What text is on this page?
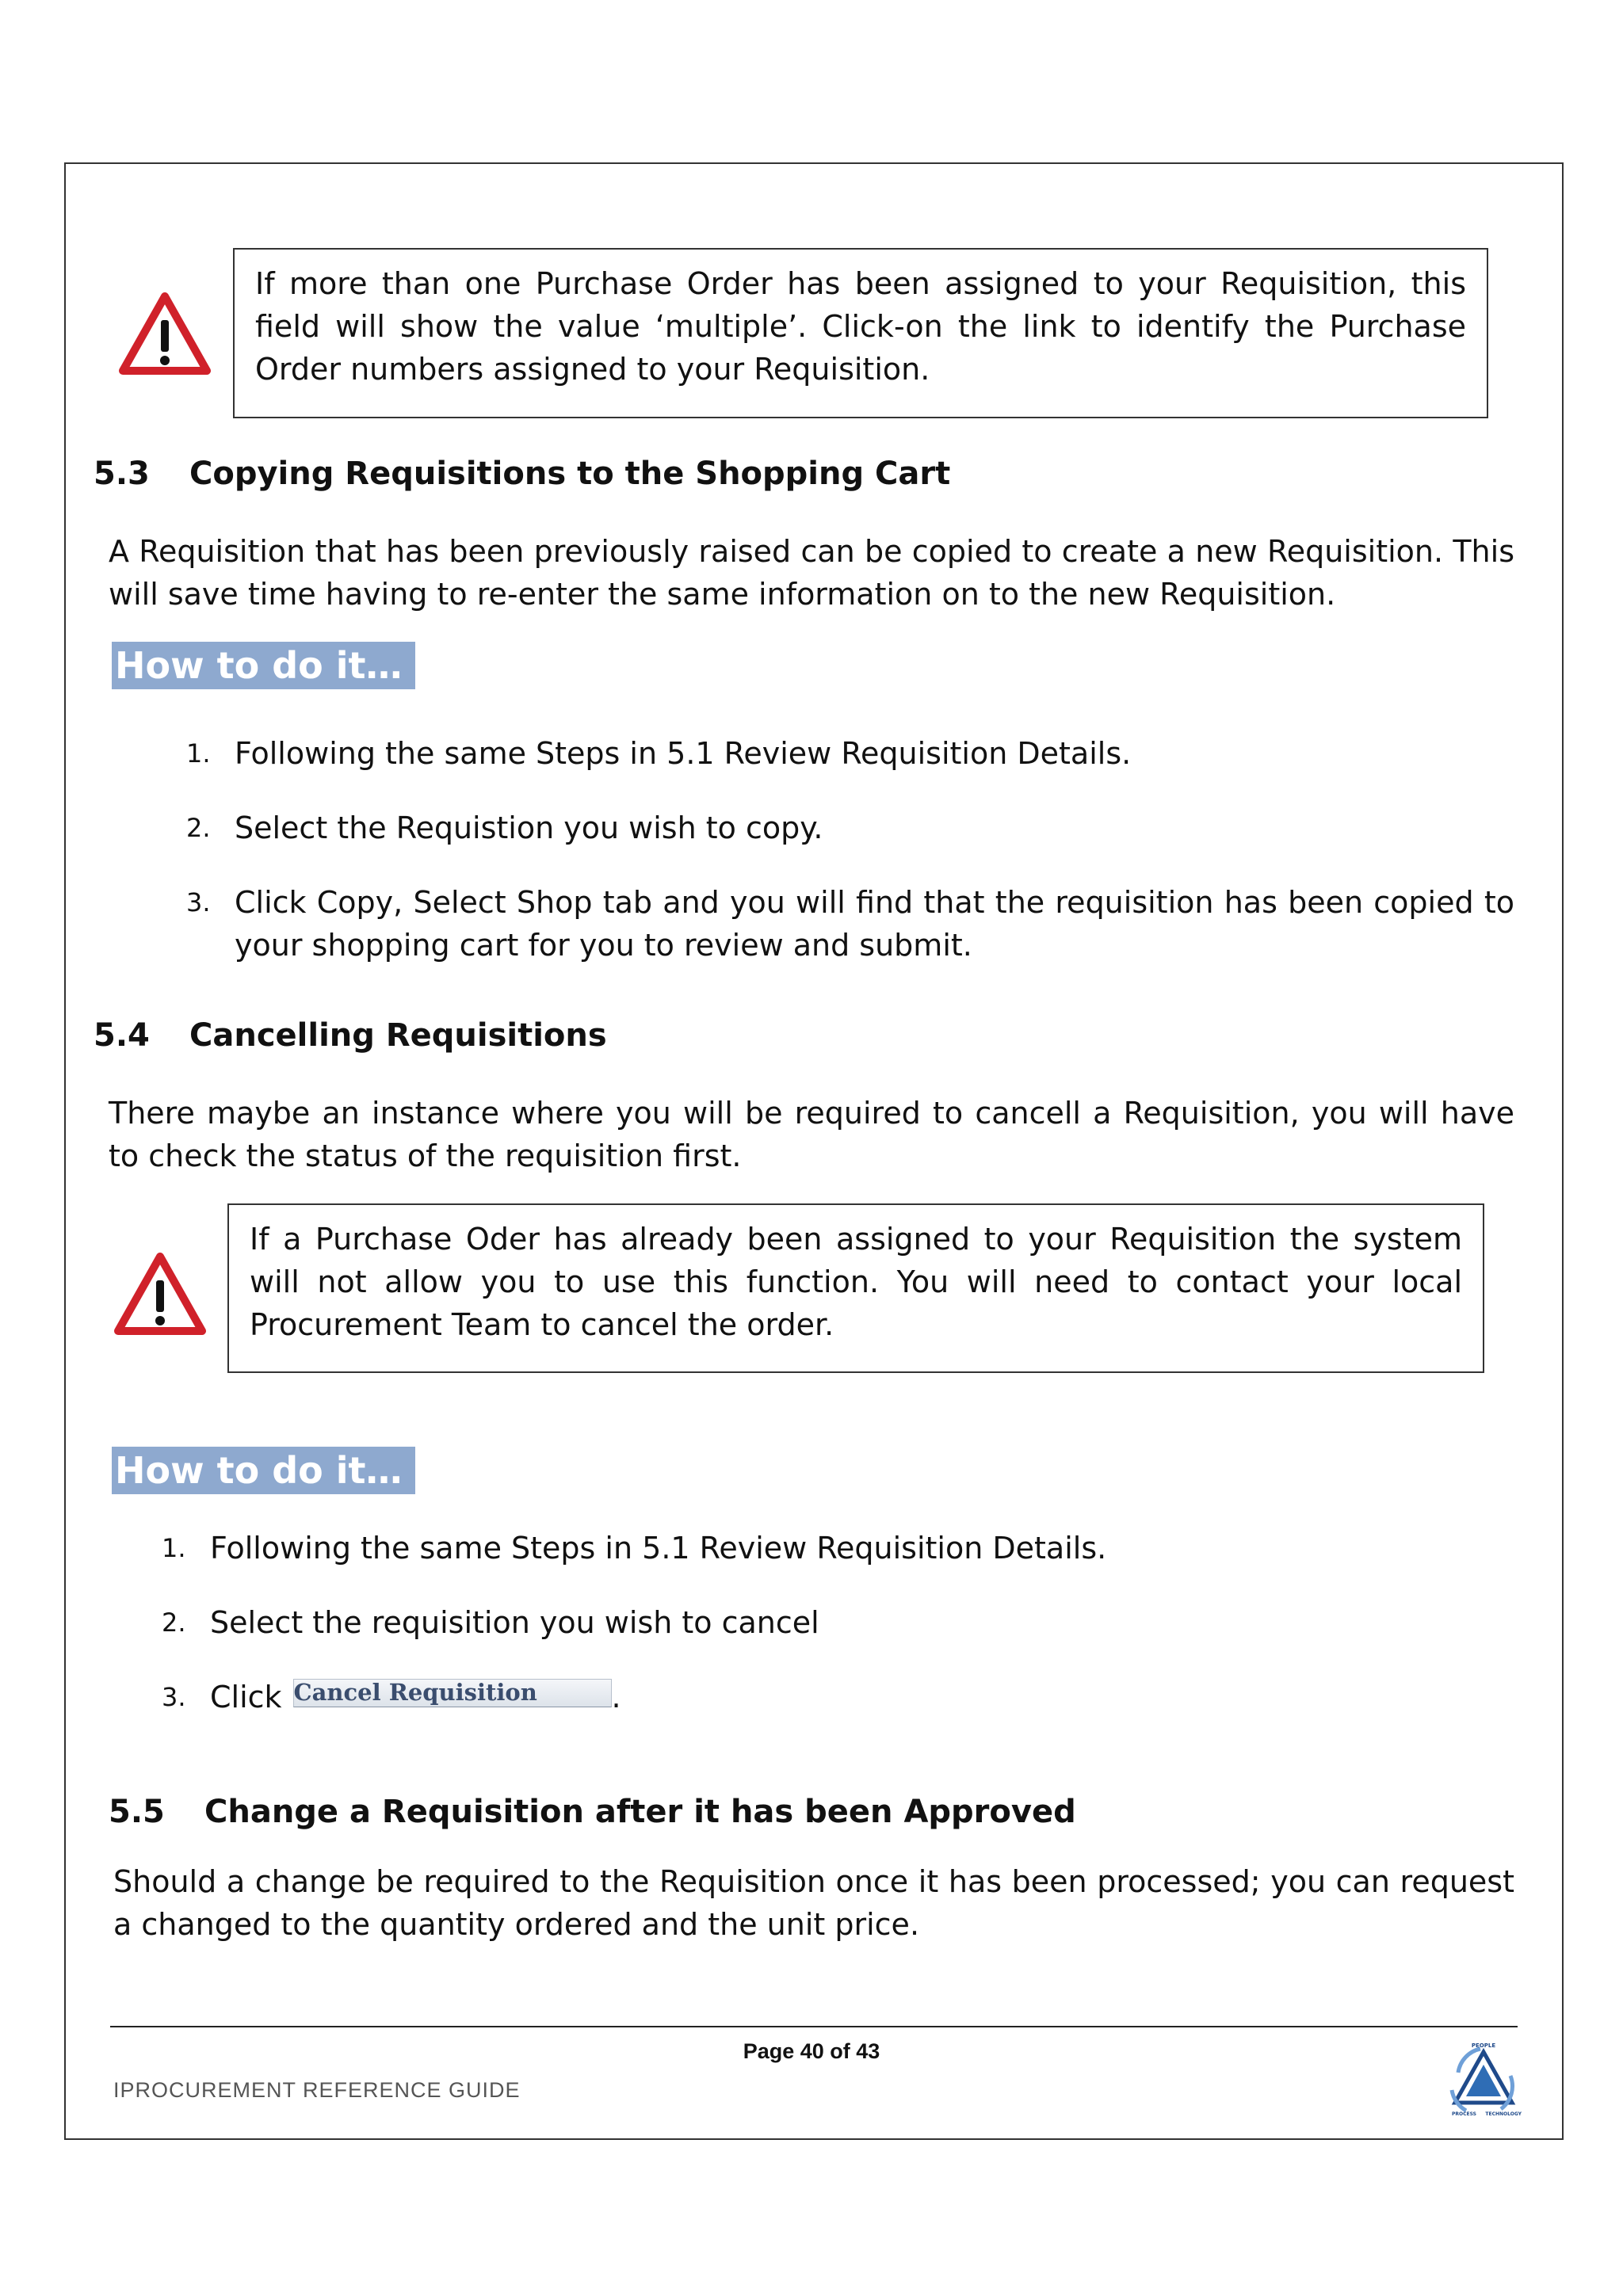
If more than one Purchase Order has been assigned to your Requisition, this field will show the value ‘multiple’. Click-on the link to identify the Purchase Order numbers assigned to your Requisition.
5.3 Copying Requisitions to the Shopping Cart

A Requisition that has been previously raised can be copied to create a new Requisition. This will save time having to re-enter the same information on to the new Requisition.

How to do it…
1. Following the same Steps in 5.1 Review Requisition Details.
2. Select the Requistion you wish to copy.
3. Click Copy, Select Shop tab and you will find that the requisition has been copied to your shopping cart for you to review and submit.
5.4 Cancelling Requisitions

There maybe an instance where you will be required to cancell a Requisition, you will have to check the status of the requisition first.

If a Purchase Oder has already been assigned to your Requisition the system will not allow you to use this function. You will need to contact your local Procurement Team to cancel the order.
How to do it…
1. Following the same Steps in 5.1 Review Requisition Details.
2. Select the requisition you wish to cancel
3. Click Cancel Requisition .
5.5 Change a Requisition after it has been Approved

Should a change be required to the Requisition once it has been processed; you can request a changed to the quantity ordered and the unit price.

Page 40 of 43
IPROCUREMENT REFERENCE GUIDE
PEOPLE
PROCESS TECHNOLOGY
